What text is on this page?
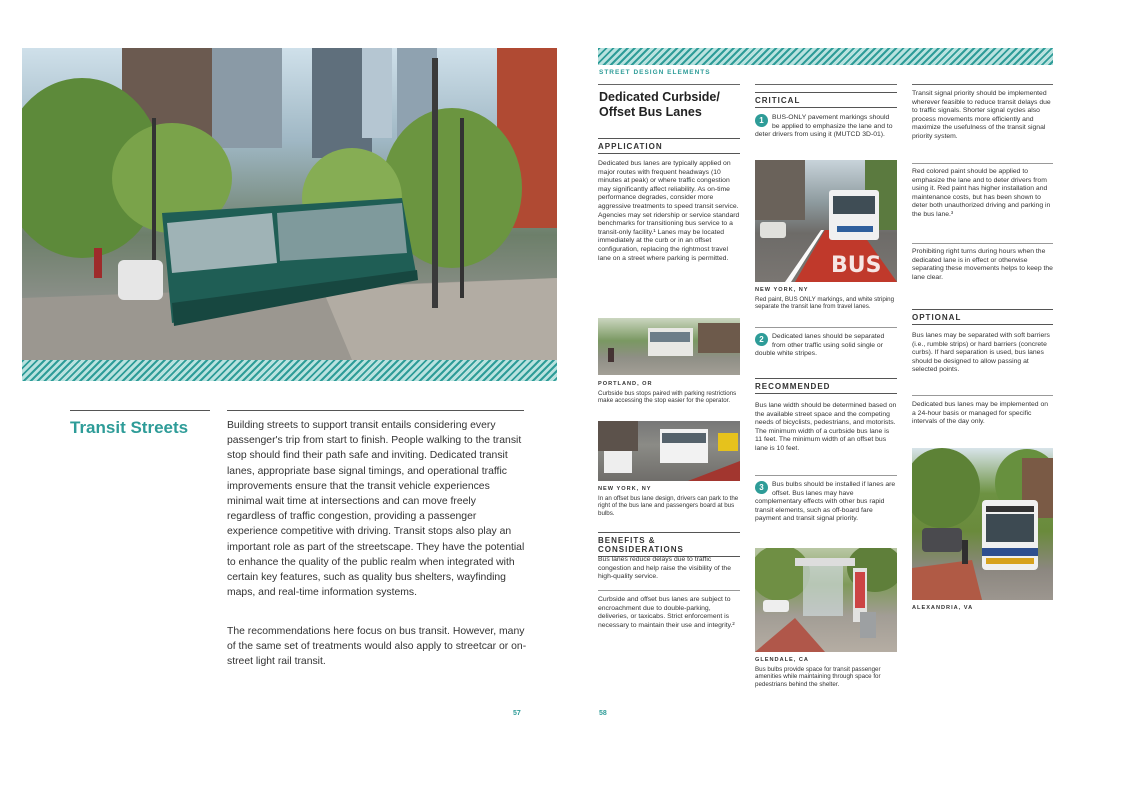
Transit Streets	Building streets to support transit entails considering every passenger's trip from start to finish. People walking to the transit stop should find their path safe and inviting. Dedicated transit lanes, appropriate base signal timings, and operational traffic improvements ensure that the transit vehicle experiences minimal wait time at intersections and can move freely regardless of traffic congestion, providing a passenger experience competitive with driving. Transit stops also play an important role as part of the streetscape. They have the potential to enhance the quality of the public realm when integrated with certain key features, such as quality bus shelters, wayfinding maps, and real-time information systems.
The recommendations here focus on bus transit. However, many of the same set of treatments would also apply to streetcar or on-street light rail transit.
57
STREET DESIGN ELEMENTS
Dedicated Curbside/
Offset Bus Lanes
APPLICATION
Dedicated bus lanes are typically applied on major routes with frequent headways (10 minutes at peak) or where traffic congestion may significantly affect reliability. As on-time performance degrades, consider more aggressive treatments to speed transit service. Agencies may set ridership or service standard benchmarks for transitioning bus service to a transit-only facility.¹ Lanes may be located immediately at the curb or in an offset configuration, replacing the rightmost travel lane on a street where parking is permitted.
PORTLAND, OR
Curbside bus stops paired with parking restrictions make accessing the stop easier for the operator.
NEW YORK, NY
In an offset bus lane design, drivers can park to the right of the bus lane and passengers board at bus bulbs.
BENEFITS & CONSIDERATIONS
Bus lanes reduce delays due to traffic congestion and help raise the visibility of the high-quality service.
Curbside and offset bus lanes are subject to encroachment due to double-parking, deliveries, or taxicabs. Strict enforcement is necessary to maintain their use and integrity.²
CRITICAL
1	BUS-ONLY pavement markings should be applied to emphasize the lane and to deter drivers from using it (MUTCD 3D-01).
BUS
NEW YORK, NY
Red paint, BUS ONLY markings, and white striping separate the transit lane from travel lanes.
2	Dedicated lanes should be separated from other traffic using solid single or double white stripes.
RECOMMENDED
Bus lane width should be determined based on the available street space and the competing needs of bicyclists, pedestrians, and motorists. The minimum width of a curbside bus lane is 11 feet. The minimum width of an offset bus lane is 10 feet.
3	Bus bulbs should be installed if lanes are offset. Bus lanes may have complementary effects with other bus rapid transit elements, such as off-board fare payment and transit signal priority.
GLENDALE, CA
Bus bulbs provide space for transit passenger amenities while maintaining through space for pedestrians behind the shelter.
Transit signal priority should be implemented wherever feasible to reduce transit delays due to traffic signals. Shorter signal cycles also process movements more efficiently and maximize the usefulness of the transit signal priority system.
Red colored paint should be applied to emphasize the lane and to deter drivers from using it. Red paint has higher installation and maintenance costs, but has been shown to deter both unauthorized driving and parking in the bus lane.³
Prohibiting right turns during hours when the dedicated lane is in effect or otherwise separating these movements helps to keep the lane clear.
OPTIONAL
Bus lanes may be separated with soft barriers (i.e., rumble strips) or hard barriers (concrete curbs). If hard separation is used, bus lanes should be designed to allow passing at selected points.
Dedicated bus lanes may be implemented on a 24-hour basis or managed for specific intervals of the day only.
ALEXANDRIA, VA
58
